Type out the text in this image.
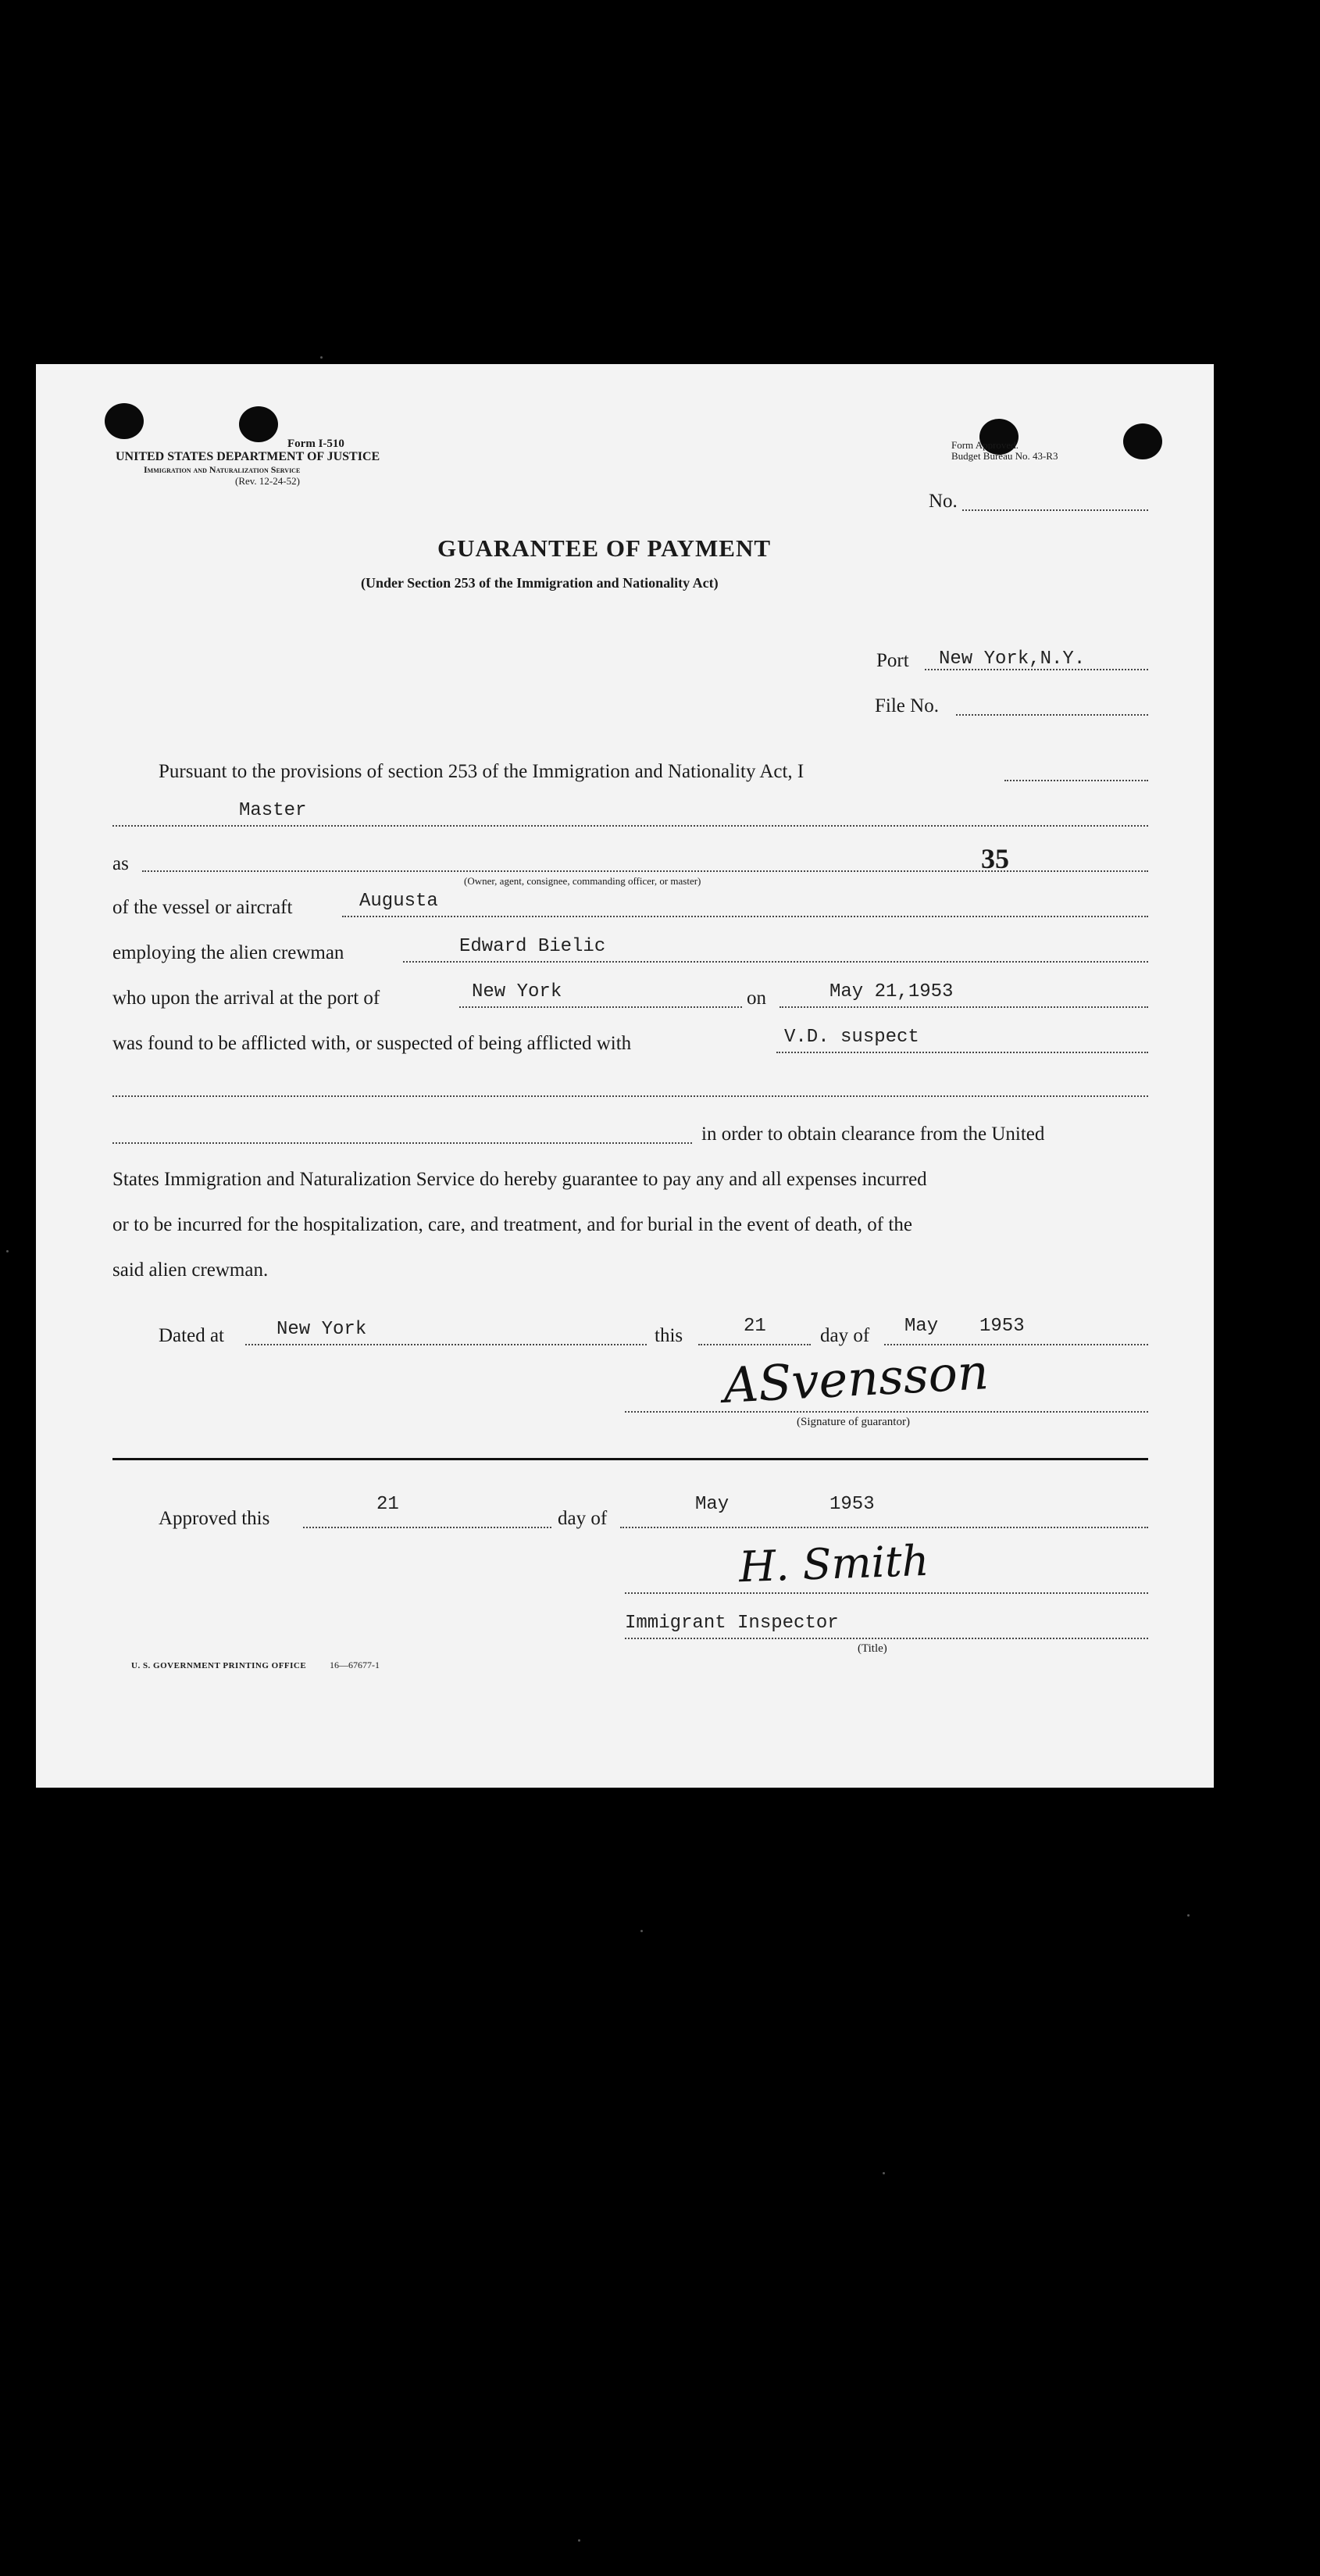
Form I-510
UNITED STATES DEPARTMENT OF JUSTICE
Immigration and Naturalization Service
(Rev. 12-24-52)
Form Approved.
Budget Bureau No. 43-R3
No.
GUARANTEE OF PAYMENT
(Under Section 253 of the Immigration and Nationality Act)
Port New York,N.Y.
File No.
Pursuant to the provisions of section 253 of the Immigration and Nationality Act, I
Master
as	35
(Owner, agent, consignee, commanding officer, or master)
of the vessel or aircraft	Augusta
employing the alien crewman	Edward Bielic
who upon the arrival at the port of	New York	on	May 21,1953
was found to be afflicted with, or suspected of being afflicted with	V.D. suspect
in order to obtain clearance from the United
States Immigration and Naturalization Service do hereby guarantee to pay any and all expenses incurred
or to be incurred for the hospitalization, care, and treatment, and for burial in the event of death, of the
said alien crewman.
Dated at	New York	this	21	day of May 1953
ASvensson
(Signature of guarantor)
Approved this
21
day of
May	1953
H. Smith
Immigrant Inspector
(Title)
U. S. GOVERNMENT PRINTING OFFICE 16—67677-1
